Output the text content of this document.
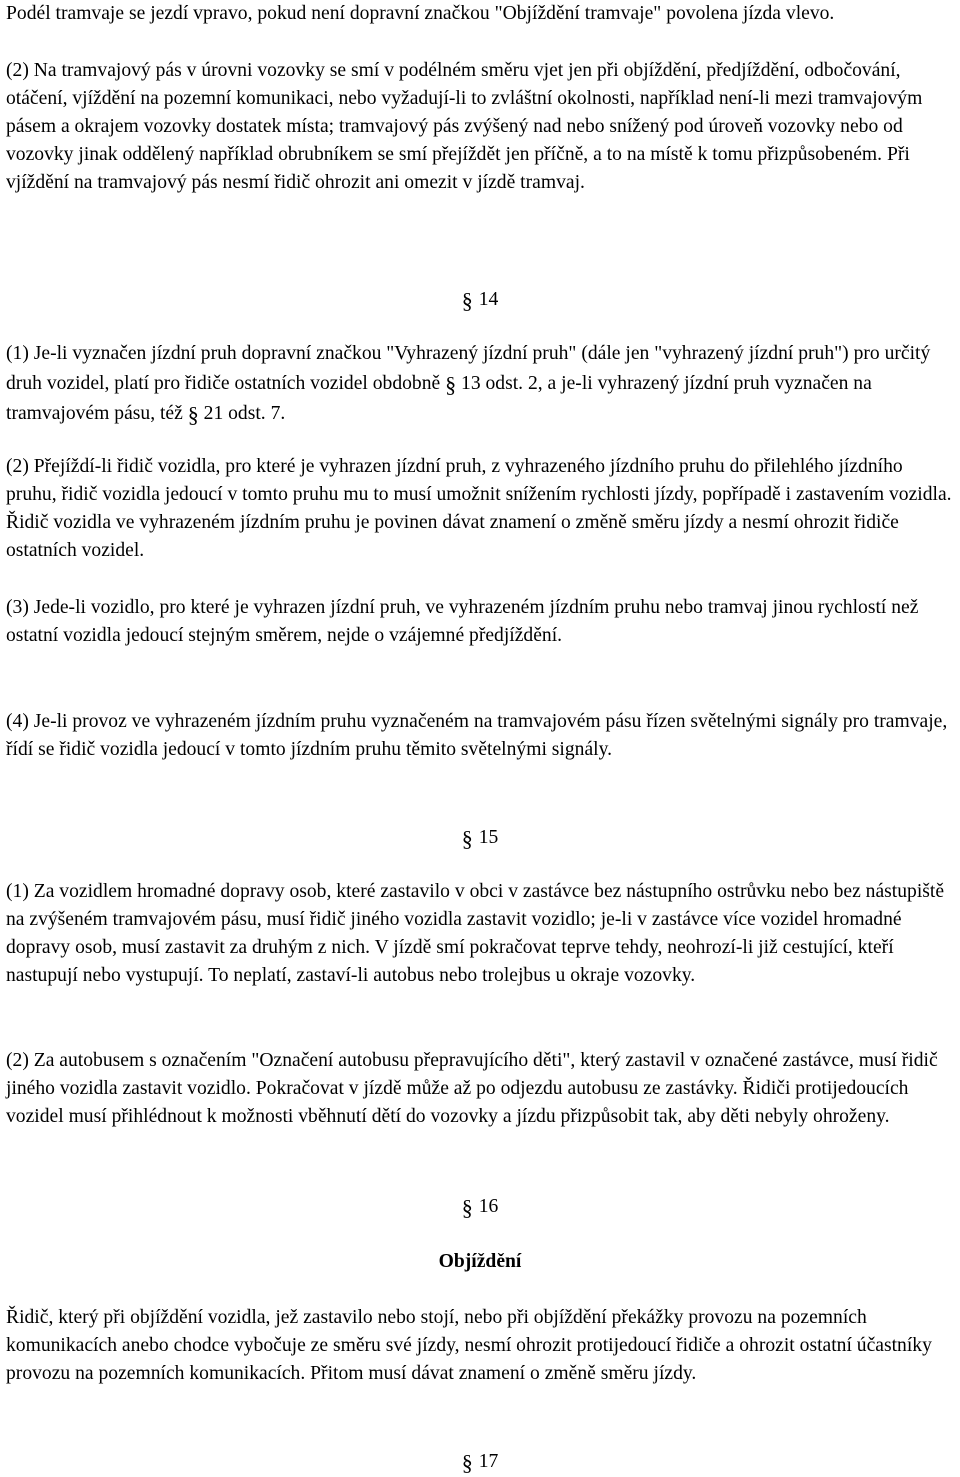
Podél tramvaje se jezdí vpravo, pokud není dopravní značkou "Objíždění tramvaje" povolena jízda vlevo.

(2) Na tramvajový pás v úrovni vozovky se smí v podélném směru vjet jen při objíždění, předjíždění, odbočování, otáčení, vjíždění na pozemní komunikaci, nebo vyžadují-li to zvláštní okolnosti, například není-li mezi tramvajovým pásem a okrajem vozovky dostatek místa; tramvajový pás zvýšený nad nebo snížený pod úroveň vozovky nebo od vozovky jinak oddělený například obrubníkem se smí přejíždět jen příčně, a to na místě k tomu přizpůsobeném. Při vjíždění na tramvajový pás nesmí řidič ohrozit ani omezit v jízdě tramvaj.

§ 14

(1) Je-li vyznačen jízdní pruh dopravní značkou "Vyhrazený jízdní pruh" (dále jen "vyhrazený jízdní pruh") pro určitý druh vozidel, platí pro řidiče ostatních vozidel obdobně § 13 odst. 2, a je-li vyhrazený jízdní pruh vyznačen na tramvajovém pásu, též § 21 odst. 7.

(2) Přejíždí-li řidič vozidla, pro které je vyhrazen jízdní pruh, z vyhrazeného jízdního pruhu do přilehlého jízdního pruhu, řidič vozidla jedoucí v tomto pruhu mu to musí umožnit snížením rychlosti jízdy, popřípadě i zastavením vozidla. Řidič vozidla ve vyhrazeném jízdním pruhu je povinen dávat znamení o změně směru jízdy a nesmí ohrozit řidiče ostatních vozidel.

(3) Jede-li vozidlo, pro které je vyhrazen jízdní pruh, ve vyhrazeném jízdním pruhu nebo tramvaj jinou rychlostí než ostatní vozidla jedoucí stejným směrem, nejde o vzájemné předjíždění.

(4) Je-li provoz ve vyhrazeném jízdním pruhu vyznačeném na tramvajovém pásu řízen světelnými signály pro tramvaje, řídí se řidič vozidla jedoucí v tomto jízdním pruhu těmito světelnými signály.

§ 15

(1) Za vozidlem hromadné dopravy osob, které zastavilo v obci v zastávce bez nástupního ostrůvku nebo bez nástupiště na zvýšeném tramvajovém pásu, musí řidič jiného vozidla zastavit vozidlo; je-li v zastávce více vozidel hromadné dopravy osob, musí zastavit za druhým z nich. V jízdě smí pokračovat teprve tehdy, neohrozí-li již cestující, kteří nastupují nebo vystupují. To neplatí, zastaví-li autobus nebo trolejbus u okraje vozovky.

(2) Za autobusem s označením "Označení autobusu přepravujícího děti", který zastavil v označené zastávce, musí řidič jiného vozidla zastavit vozidlo. Pokračovat v jízdě může až po odjezdu autobusu ze zastávky. Řidiči protijedoucích vozidel musí přihlédnout k možnosti vběhnutí dětí do vozovky a jízdu přizpůsobit tak, aby děti nebyly ohroženy.

§ 16

Objíždění

Řidič, který při objíždění vozidla, jež zastavilo nebo stojí, nebo při objíždění překážky provozu na pozemních komunikacích anebo chodce vybočuje ze směru své jízdy, nesmí ohrozit protijedoucí řidiče a ohrozit ostatní účastníky provozu na pozemních komunikacích. Přitom musí dávat znamení o změně směru jízdy.

§ 17
